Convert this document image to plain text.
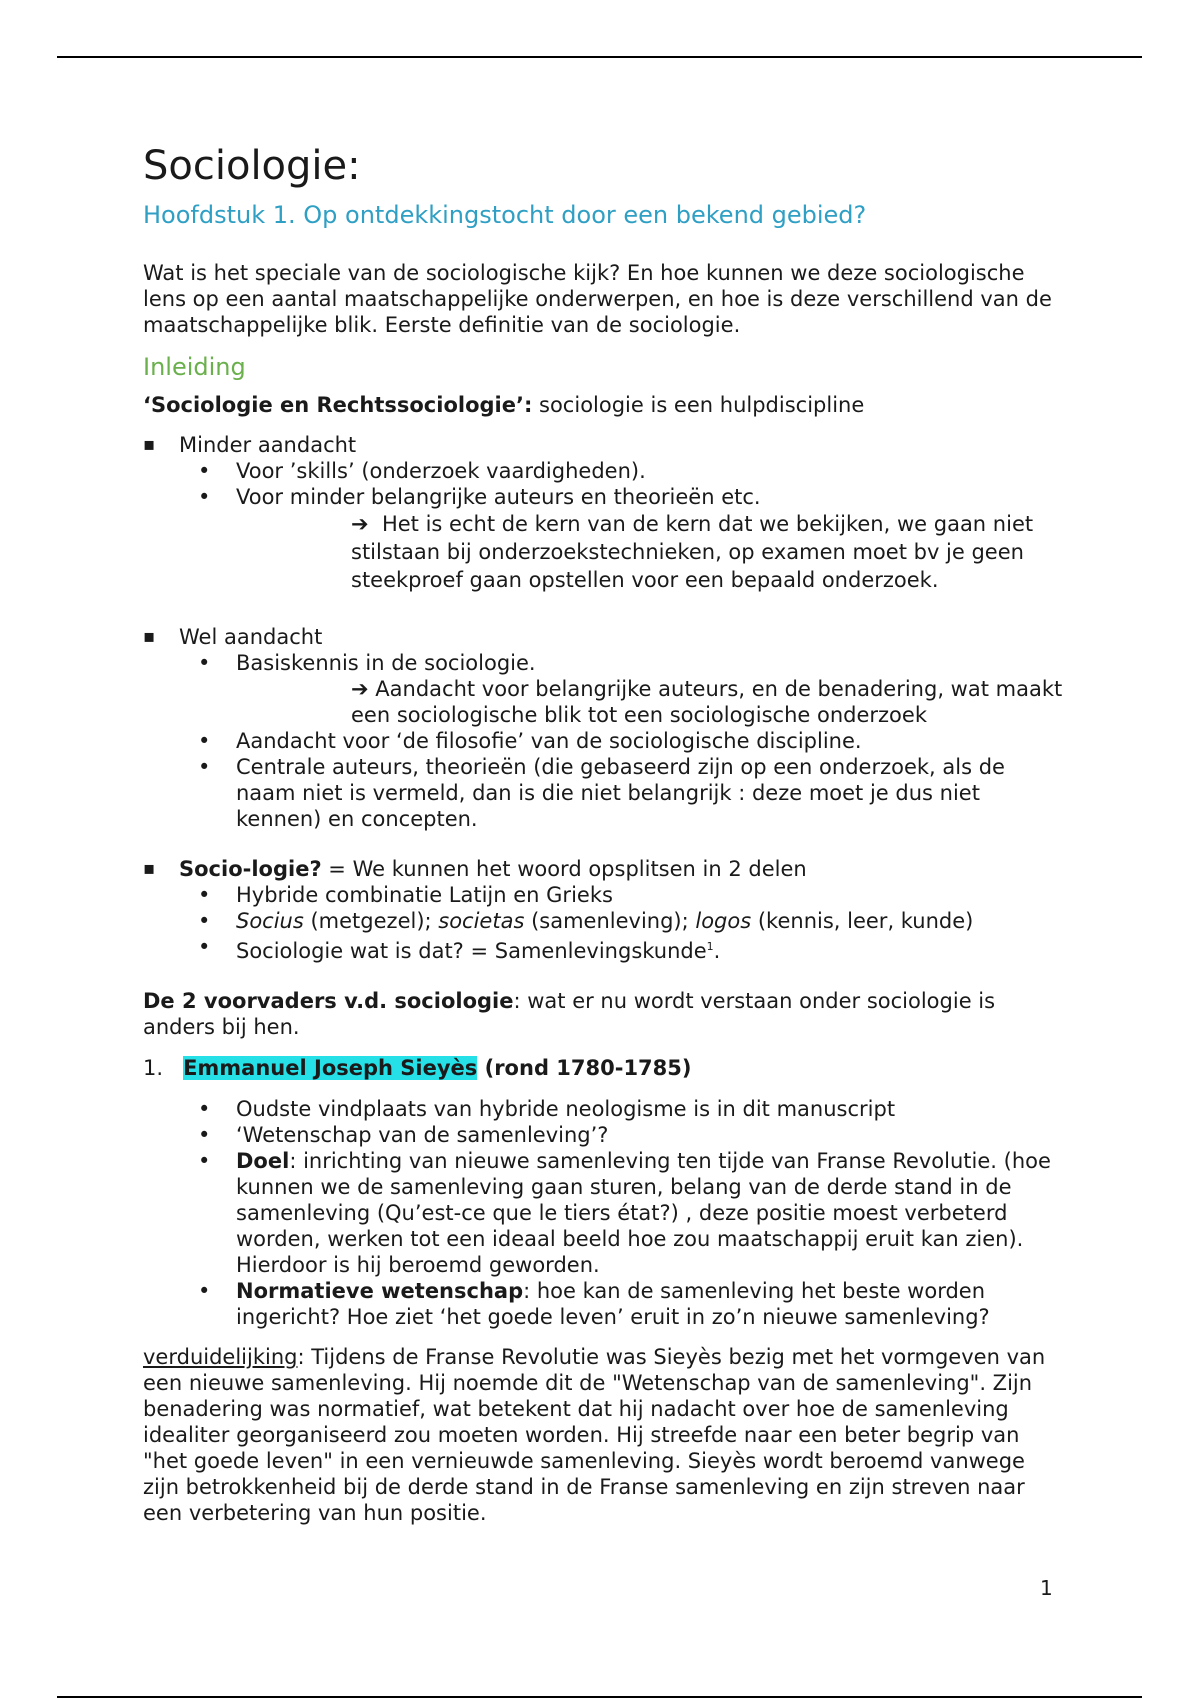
Sociologie:
Hoofdstuk 1. Op ontdekkingstocht door een bekend gebied?

Wat is het speciale van de sociologische kijk? En hoe kunnen we deze sociologische lens op een aantal maatschappelijke onderwerpen, en hoe is deze verschillend van de maatschappelijke blik. Eerste definitie van de sociologie.

Inleiding

‘Sociologie en Rechtssociologie’: sociologie is een hulpdiscipline

▪ Minder aandacht
• Voor ’skills’ (onderzoek vaardigheden).
• Voor minder belangrijke auteurs en theorieën etc.
➔ Het is echt de kern van de kern dat we bekijken, we gaan niet stilstaan bij onderzoekstechnieken, op examen moet bv je geen steekproef gaan opstellen voor een bepaald onderzoek.
▪ Wel aandacht
• Basiskennis in de sociologie.
➔ Aandacht voor belangrijke auteurs, en de benadering, wat maakt een sociologische blik tot een sociologische onderzoek
• Aandacht voor ‘de filosofie’ van de sociologische discipline.
• Centrale auteurs, theorieën (die gebaseerd zijn op een onderzoek, als de naam niet is vermeld, dan is die niet belangrijk : deze moet je dus niet kennen) en concepten.
▪ Socio-logie? = We kunnen het woord opsplitsen in 2 delen
• Hybride combinatie Latijn en Grieks
• Socius (metgezel); societas (samenleving); logos (kennis, leer, kunde)
• Sociologie wat is dat? = Samenlevingskunde$^1$.

De 2 voorvaders v.d. sociologie: wat er nu wordt verstaan onder sociologie is anders bij hen.

1. Emmanuel Joseph Sieyès (rond 1780-1785)

• Oudste vindplaats van hybride neologisme is in dit manuscript
• ‘Wetenschap van de samenleving’?
• Doel: inrichting van nieuwe samenleving ten tijde van Franse Revolutie. (hoe kunnen we de samenleving gaan sturen, belang van de derde stand in de samenleving (Qu’est-ce que le tiers état?) , deze positie moest verbeterd worden, werken tot een ideaal beeld hoe zou maatschappij eruit kan zien). Hierdoor is hij beroemd geworden.
• Normatieve wetenschap: hoe kan de samenleving het beste worden ingericht? Hoe ziet ‘het goede leven’ eruit in zo’n nieuwe samenleving?

verduidelijking: Tijdens de Franse Revolutie was Sieyès bezig met het vormgeven van een nieuwe samenleving. Hij noemde dit de "Wetenschap van de samenleving". Zijn benadering was normatief, wat betekent dat hij nadacht over hoe de samenleving idealiter georganiseerd zou moeten worden. Hij streefde naar een beter begrip van "het goede leven" in een vernieuwde samenleving. Sieyès wordt beroemd vanwege zijn betrokkenheid bij de derde stand in de Franse samenleving en zijn streven naar een verbetering van hun positie.

1
